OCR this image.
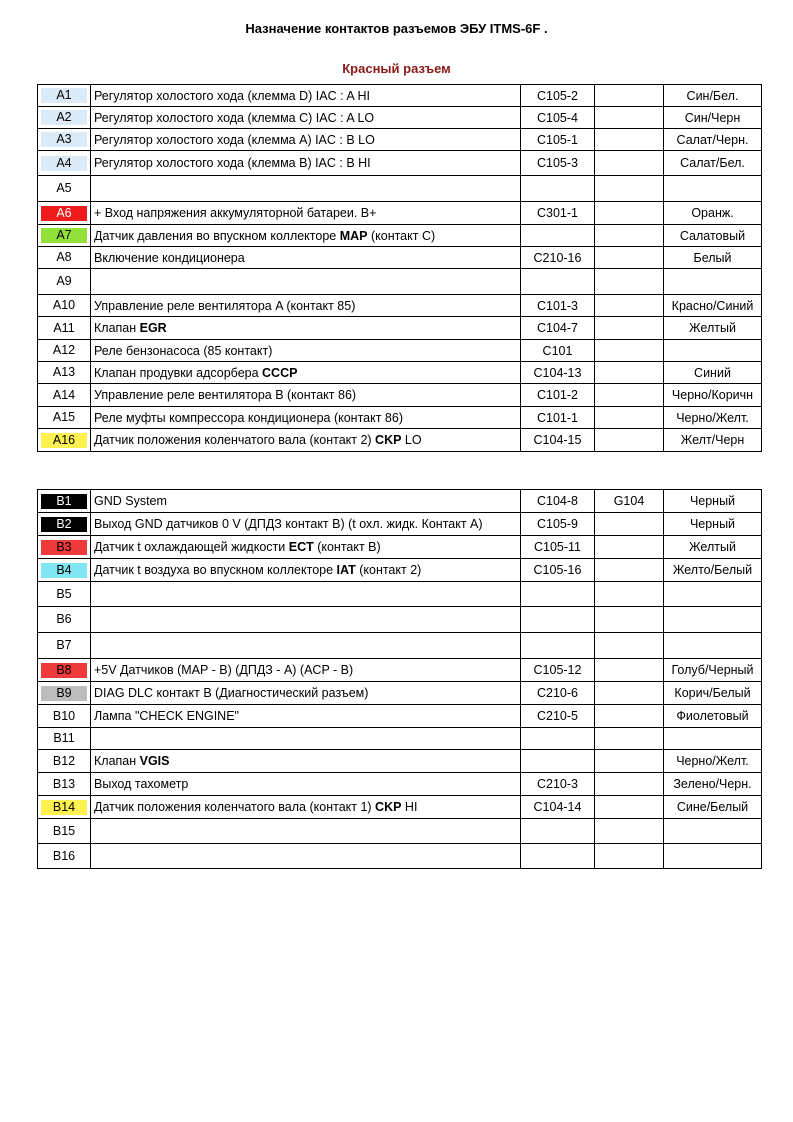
Назначение контактов разъемов ЭБУ ITMS-6F .
Красный разъем
A1	Регулятор холостого хода (клемма D) IAC : A HI	C105-2		Син/Бел.

A2	Регулятор холостого хода (клемма C) IAC : A LO	C105-4		Син/Черн

A3	Регулятор холостого хода (клемма A) IAC : B LO	C105-1		Салат/Черн.

A4	Регулятор холостого хода (клемма B) IAC : B HI	C105-3		Салат/Бел.

A5				

A6	+ Вход напряжения аккумуляторной батареи. B+	C301-1		Оранж.

A7	Датчик давления во впускном коллекторе MAP (контакт C)			Салатовый

A8	Включение кондиционера	C210-16		Белый

A9				

A10	Управление реле вентилятора A (контакт 85)	C101-3		Красно/Синий

A11	Клапан EGR	C104-7		Желтый

A12	Реле бензонасоса (85 контакт)	C101		

A13	Клапан продувки адсорбера CCCP	C104-13		Синий

A14	Управление реле вентилятора B (контакт 86)	C101-2		Черно/Коричн

A15	Реле муфты компрессора кондиционера (контакт 86)	C101-1		Черно/Желт.

A16	Датчик положения коленчатого вала (контакт 2) CKP LO	C104-15		Желт/Черн
B1	GND System	C104-8	G104	Черный

B2	Выход GND датчиков 0 V (ДПДЗ контакт B) (t охл. жидк. Контакт A)	C105-9		Черный

B3	Датчик t охлаждающей жидкости ECT (контакт B)	C105-11		Желтый

B4	Датчик t воздуха во впускном коллекторе IAT (контакт 2)	C105-16		Желто/Белый

B5				

B6				

B7				

B8	+5V Датчиков (MAP - B) (ДПДЗ - A) (ACP - B)	C105-12		Голуб/Черный

B9	DIAG DLC контакт B (Диагностический разъем)	C210-6		Корич/Белый

B10	Лампа "CHECK ENGINE"	C210-5		Фиолетовый

B11				

B12	Клапан VGIS			Черно/Желт.

B13	Выход тахометр	C210-3		Зелено/Черн.

B14	Датчик положения коленчатого вала (контакт 1) CKP HI	C104-14		Сине/Белый

B15				

B16				
